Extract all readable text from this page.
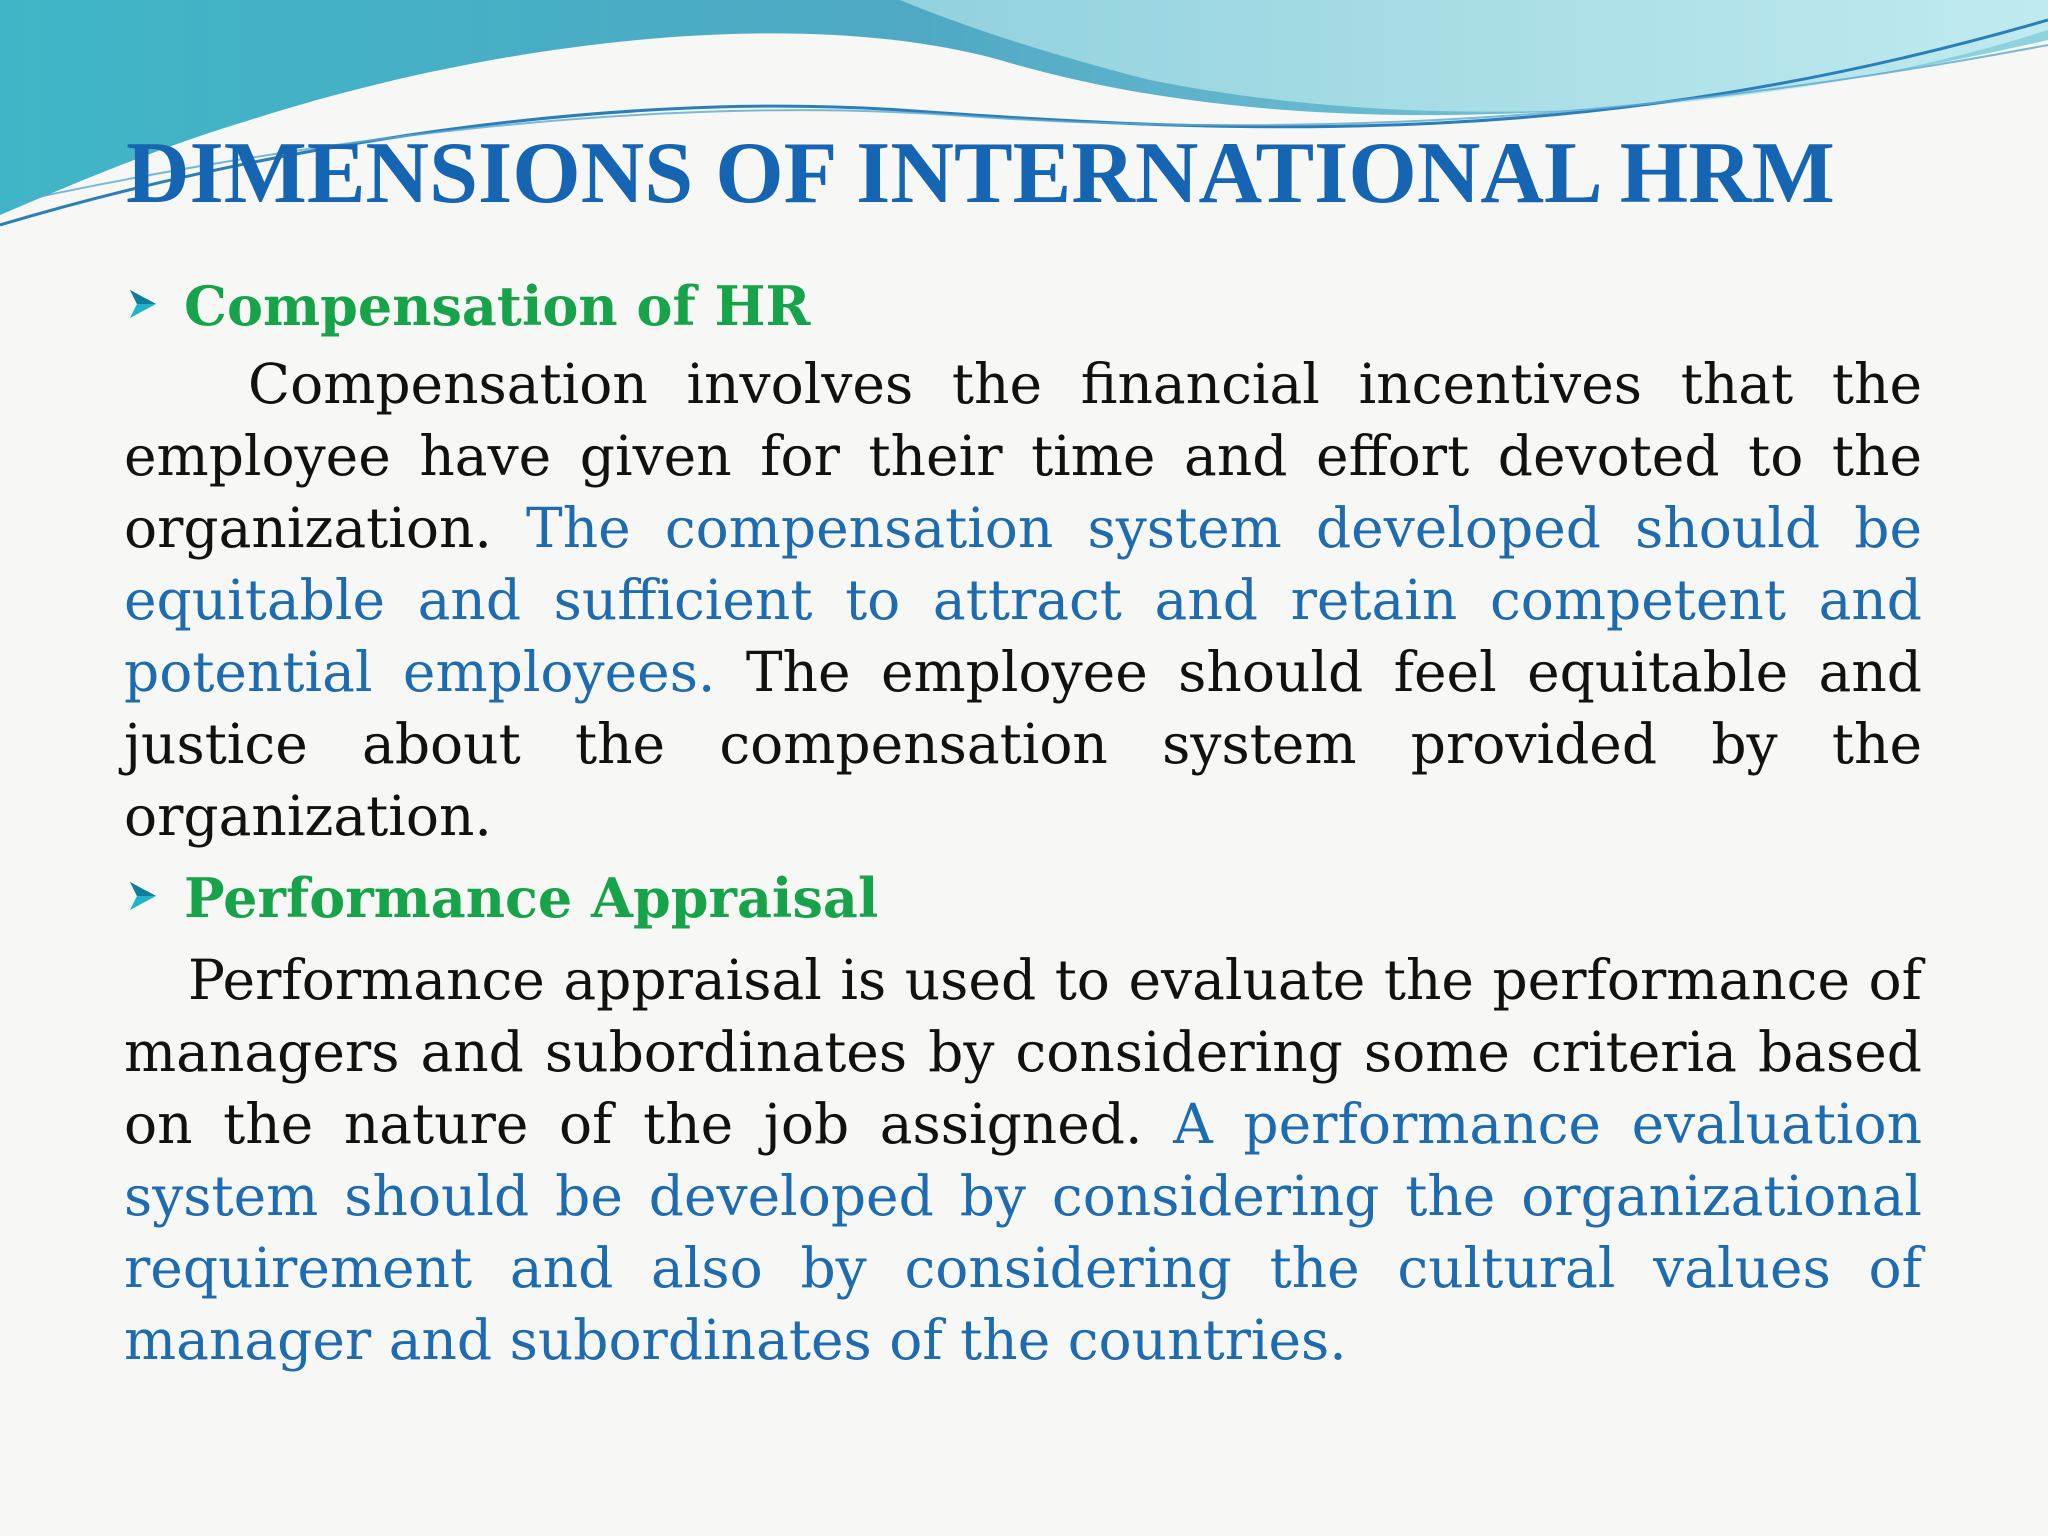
DIMENSIONS OF INTERNATIONAL HRM
Compensation of HR

Compensation involves the financial incentives that the employee have given for their time and effort devoted to the organization. The compensation system developed should be equitable and sufficient to attract and retain competent and potential employees. The employee should feel equitable and justice about the compensation system provided by the organization.

Performance Appraisal

Performance appraisal is used to evaluate the performance of managers and subordinates by considering some criteria based on the nature of the job assigned. A performance evaluation system should be developed by considering the organizational requirement and also by considering the cultural values of manager and subordinates of the countries.
